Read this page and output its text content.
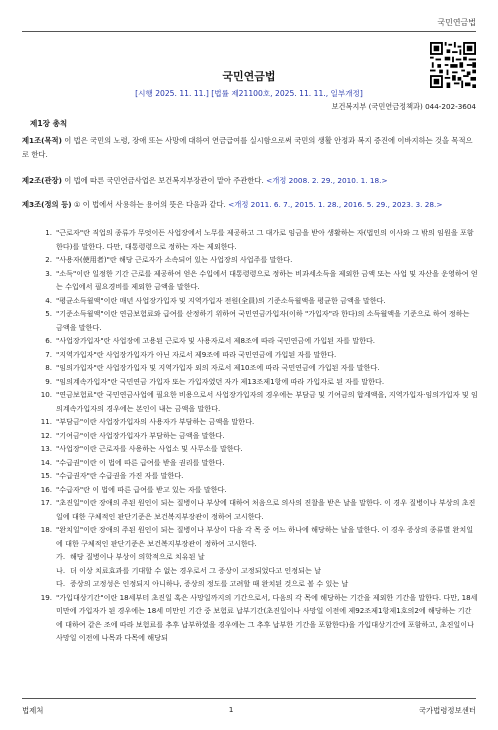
국민연금법
국민연금법
[시행 2025. 11. 11.] [법률 제21100호, 2025. 11. 11., 일부개정]
보건복지부 (국민연금정책과) 044-202-3604
제1장 총칙
제1조(목적) 이 법은 국민의 노령, 장애 또는 사망에 대하여 연금급여를 실시함으로써 국민의 생활 안정과 복지 증진에 이바지하는 것을 목적으로 한다.
제2조(관장) 이 법에 따른 국민연금사업은 보건복지부장관이 맡아 주관한다. <개정 2008. 2. 29., 2010. 1. 18.>
제3조(정의 등) ① 이 법에서 사용하는 용어의 뜻은 다음과 같다. <개정 2011. 6. 7., 2015. 1. 28., 2016. 5. 29., 2023. 3. 28.>
1. "근로자"란 직업의 종류가 무엇이든 사업장에서 노무를 제공하고 그 대가로 임금을 받아 생활하는 자(법인의 이사와 그 밖의 임원을 포함한다)를 말한다. 다만, 대통령령으로 정하는 자는 제외한다.
2. "사용자(使用者)"란 해당 근로자가 소속되어 있는 사업장의 사업주를 말한다.
3. "소득"이란 일정한 기간 근로를 제공하여 얻은 수입에서 대통령령으로 정하는 비과세소득을 제외한 금액 또는 사업 및 자산을 운영하여 얻는 수입에서 필요경비를 제외한 금액을 말한다.
4. "평균소득월액"이란 매년 사업장가입자 및 지역가입자 전원(全員)의 기준소득월액을 평균한 금액을 말한다.
5. "기준소득월액"이란 연금보험료와 급여를 산정하기 위하여 국민연금가입자(이하 "가입자"라 한다)의 소득월액을 기준으로 하여 정하는 금액을 말한다.
6. "사업장가입자"란 사업장에 고용된 근로자 및 사용자로서 제8조에 따라 국민연금에 가입된 자를 말한다.
7. "지역가입자"란 사업장가입자가 아닌 자로서 제9조에 따라 국민연금에 가입된 자를 말한다.
8. "임의가입자"란 사업장가입자 및 지역가입자 외의 자로서 제10조에 따라 국민연금에 가입된 자를 말한다.
9. "임의계속가입자"란 국민연금 가입자 또는 가입자였던 자가 제13조제1항에 따라 가입자로 된 자를 말한다.
10. "연금보험료"란 국민연금사업에 필요한 비용으로서 사업장가입자의 경우에는 부담금 및 기여금의 합계액을, 지역가입자·임의가입자 및 임의계속가입자의 경우에는 본인이 내는 금액을 말한다.
11. "부담금"이란 사업장가입자의 사용자가 부담하는 금액을 말한다.
12. "기여금"이란 사업장가입자가 부담하는 금액을 말한다.
13. "사업장"이란 근로자를 사용하는 사업소 및 사무소를 말한다.
14. "수급권"이란 이 법에 따른 급여를 받을 권리를 말한다.
15. "수급권자"란 수급권을 가진 자를 말한다.
16. "수급자"란 이 법에 따른 급여를 받고 있는 자를 말한다.
17. "초진일"이란 장애의 주된 원인이 되는 질병이나 부상에 대하여 처음으로 의사의 진찰을 받은 날을 말한다. 이 경우 질병이나 부상의 초진일에 대한 구체적인 판단기준은 보건복지부장관이 정하여 고시한다.
18. "완치일"이란 장애의 주된 원인이 되는 질병이나 부상이 다음 각 목 중 어느 하나에 해당하는 날을 말한다. 이 경우 증상의 종류별 완치일에 대한 구체적인 판단기준은 보건복지부장관이 정하여 고시한다.
가. 해당 질병이나 부상이 의학적으로 치유된 날
나. 더 이상 치료효과를 기대할 수 없는 경우로서 그 증상이 고정되었다고 인정되는 날
다. 증상의 고정성은 인정되지 아니하나, 증상의 정도를 고려할 때 완치된 것으로 볼 수 있는 날
19. "가입대상기간"이란 18세부터 초진일 혹은 사망일까지의 기간으로서, 다음의 각 목에 해당하는 기간을 제외한 기간을 말한다. 다만, 18세 미만에 가입자가 된 경우에는 18세 미만인 기간 중 보험료 납부기간(초진일이나 사망일 이전에 제92조제1항제1호의2에 해당하는 기간에 대하여 같은 조에 따라 보험료를 추후 납부하였을 경우에는 그 추후 납부한 기간을 포함한다)을 가입대상기간에 포함하고, 초진일이나 사망일 이전에 나목과 다목에 해당되
법제처	1	국가법령정보센터
